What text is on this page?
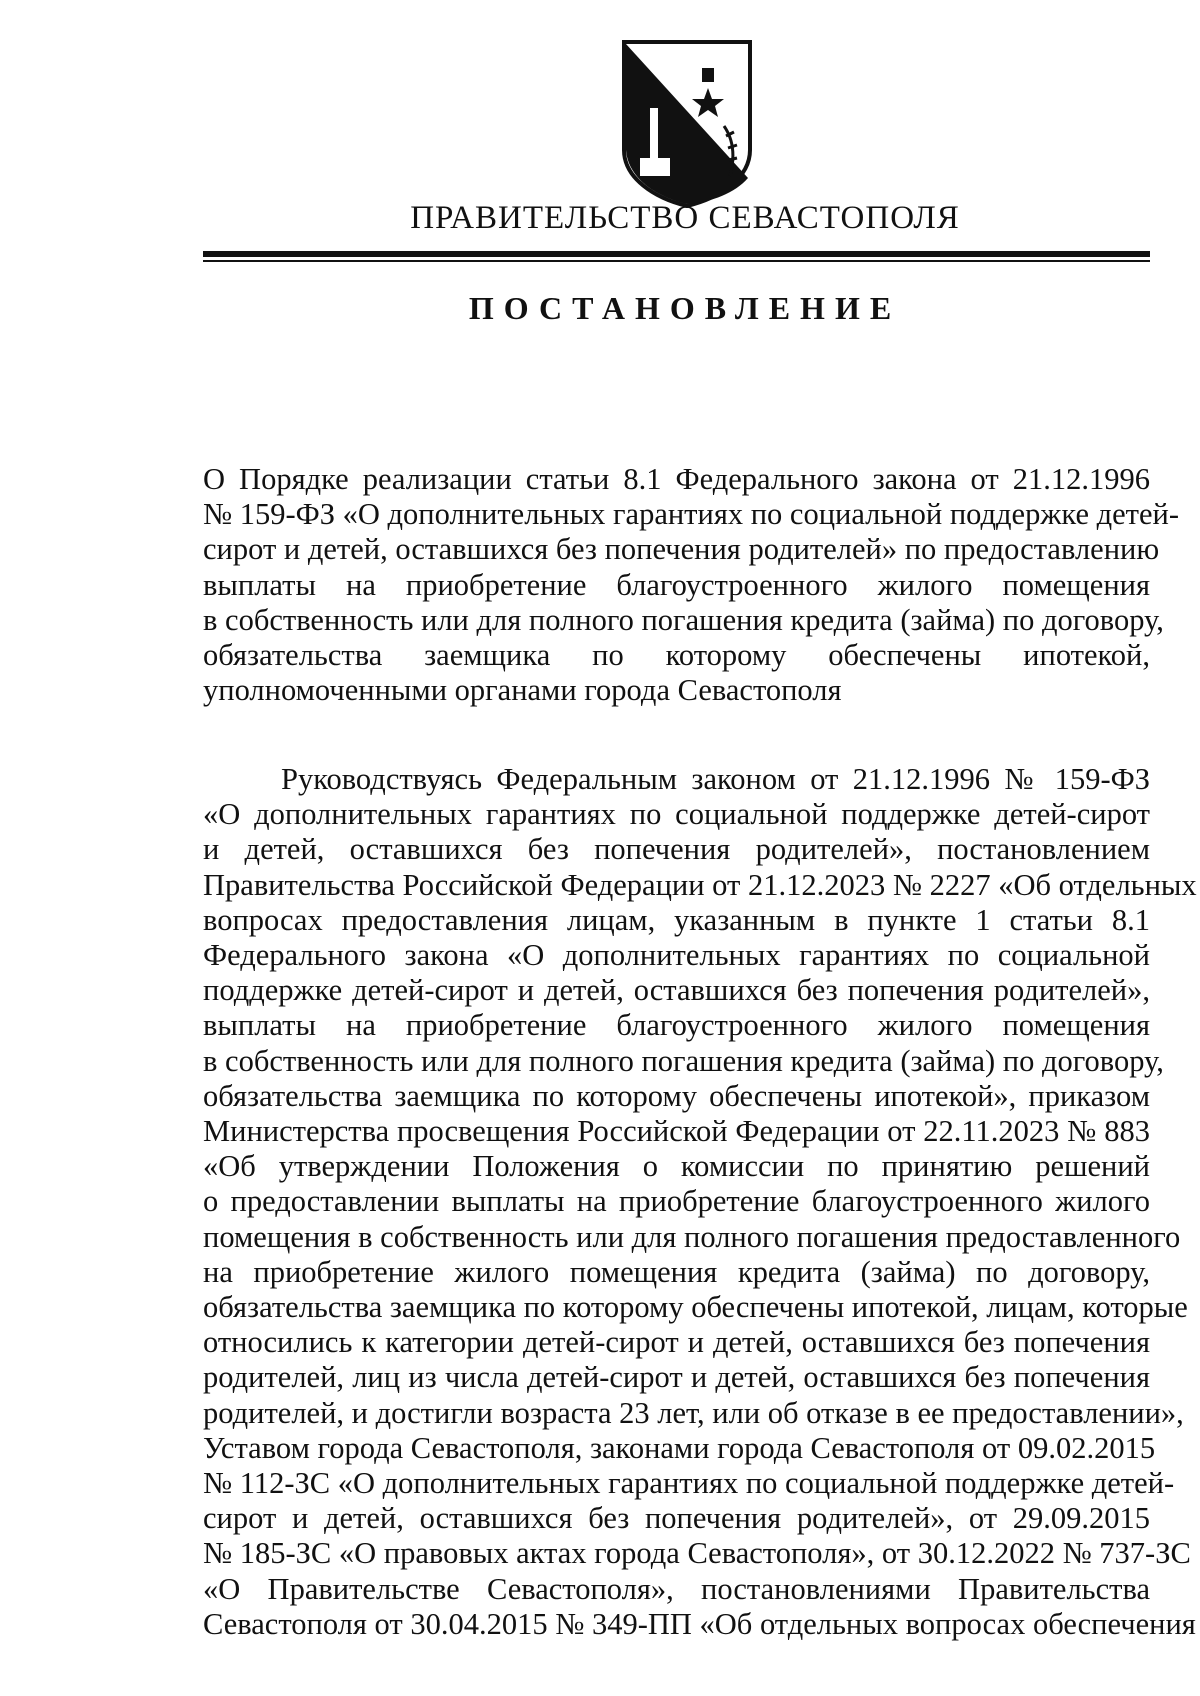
ПРАВИТЕЛЬСТВО СЕВАСТОПОЛЯ
ПОСТАНОВЛЕНИЕ
О Порядке реализации статьи 8.1 Федерального закона от 21.12.1996
№ 159-ФЗ «О дополнительных гарантиях по социальной поддержке детей-
сирот и детей, оставшихся без попечения родителей» по предоставлению
выплаты на приобретение благоустроенного жилого помещения
в собственность или для полного погашения кредита (займа) по договору,
обязательства заемщика по которому обеспечены ипотекой,
уполномоченными органами города Севастополя
Руководствуясь Федеральным законом от 21.12.1996 № 159-ФЗ
«О дополнительных гарантиях по социальной поддержке детей-сирот
и детей, оставшихся без попечения родителей», постановлением
Правительства Российской Федерации от 21.12.2023 № 2227 «Об отдельных
вопросах предоставления лицам, указанным в пункте 1 статьи 8.1
Федерального закона «О дополнительных гарантиях по социальной
поддержке детей-сирот и детей, оставшихся без попечения родителей»,
выплаты на приобретение благоустроенного жилого помещения
в собственность или для полного погашения кредита (займа) по договору,
обязательства заемщика по которому обеспечены ипотекой», приказом
Министерства просвещения Российской Федерации от 22.11.2023 № 883
«Об утверждении Положения о комиссии по принятию решений
о предоставлении выплаты на приобретение благоустроенного жилого
помещения в собственность или для полного погашения предоставленного
на приобретение жилого помещения кредита (займа) по договору,
обязательства заемщика по которому обеспечены ипотекой, лицам, которые
относились к категории детей-сирот и детей, оставшихся без попечения
родителей, лиц из числа детей-сирот и детей, оставшихся без попечения
родителей, и достигли возраста 23 лет, или об отказе в ее предоставлении»,
Уставом города Севастополя, законами города Севастополя от 09.02.2015
№ 112-ЗС «О дополнительных гарантиях по социальной поддержке детей-
сирот и детей, оставшихся без попечения родителей», от 29.09.2015
№ 185-ЗС «О правовых актах города Севастополя», от 30.12.2022 № 737-ЗС
«О Правительстве Севастополя», постановлениями Правительства
Севастополя от 30.04.2015 № 349-ПП «Об отдельных вопросах обеспечения
